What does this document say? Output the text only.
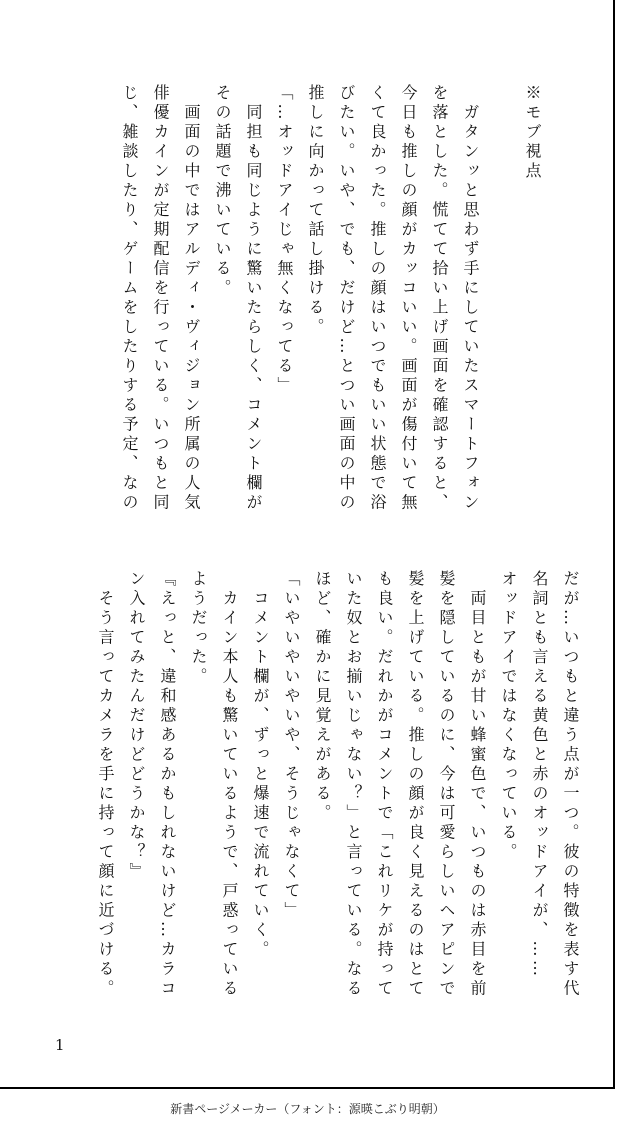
※モブ視点

　ガタンッと思わず手にしていたスマートフォン
を落とした。慌てて拾い上げ画面を確認すると、
今日も推しの顔がカッコいい。画面が傷付いて無
くて良かった。推しの顔はいつでもいい状態で浴
びたい。いや、でも、だけど…とつい画面の中の
推しに向かって話し掛ける。
「…オッドアイじゃ無くなってる」
　同担も同じように驚いたらしく、コメント欄が
その話題で沸いている。
　画面の中ではアルディ・ヴィジョン所属の人気
俳優カインが定期配信を行っている。いつもと同
じ、雑談したり、ゲームをしたりする予定、なの
だが…いつもと違う点が一つ。彼の特徴を表す代
名詞とも言える黄色と赤のオッドアイが、……
オッドアイではなくなっている。
　両目ともが甘い蜂蜜色で、いつものは赤目を前
髪を隠しているのに、今は可愛らしいヘアピンで
髪を上げている。推しの顔が良く見えるのはとて
も良い。だれかがコメントで「これリケが持って
いた奴とお揃いじゃない？」と言っている。なる
ほど、確かに見覚えがある。
「いやいやいやいや、そうじゃなくて」
　コメント欄が、ずっと爆速で流れていく。
　カイン本人も驚いているようで、戸惑っている
ようだった。
『えっと、違和感あるかもしれないけど…カラコ
ン入れてみたんだけどどうかな？』
　そう言ってカメラを手に持って顔に近づける。
1
新書ページメーカー（フォント：源暎こぶり明朝）
